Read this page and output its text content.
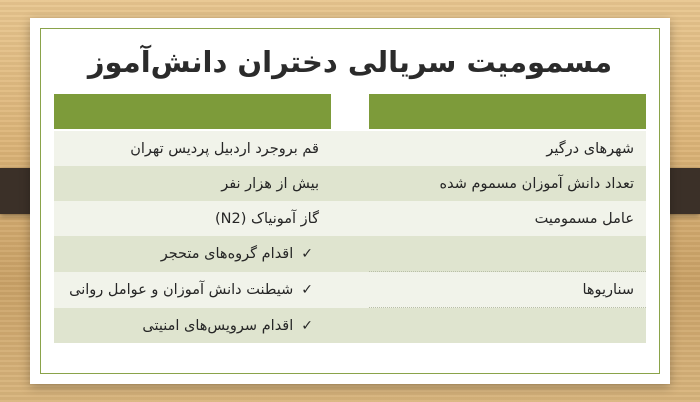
مسمومیت سریالی دختران دانش‌آموز

شهرهای درگیر		قم بروجرد اردبیل پردیس تهران
تعداد دانش آموزان مسموم شده		بیش از هزار نفر
عامل مسمومیت		گاز آمونیاک (N2)
		✓اقدام گروه‌های متحجر
سناریوها		✓شیطنت دانش آموزان و عوامل روانی
		✓اقدام سرویس‌های امنیتی
